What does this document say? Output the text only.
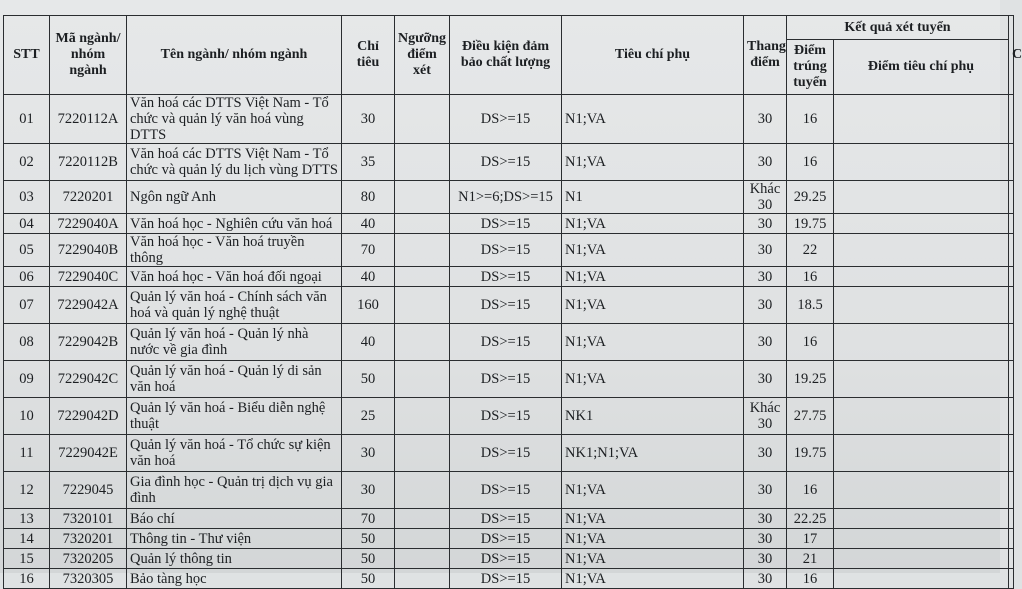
STT	Mã ngành/ nhóm ngành	Tên ngành/ nhóm ngành	Chỉ tiêu	Ngưỡng điểm xét	Điều kiện đảm bảo chất lượng	Tiêu chí phụ	Thang điểm	Kết quả xét tuyển		C
								Điểm trúng tuyển	Điểm tiêu chí phụ	
01	7220112A	Văn hoá các DTTS Việt Nam - Tổ chức và quản lý văn hoá vùng DTTS	30		DS>=15	N1;VA	30	16		
02	7220112B	Văn hoá các DTTS Việt Nam - Tổ chức và quản lý du lịch vùng DTTS	35		DS>=15	N1;VA	30	16		
03	7220201	Ngôn ngữ Anh	80		N1>=6;DS>=15	N1	Khác 30	29.25		
04	7229040A	Văn hoá học - Nghiên cứu văn hoá	40		DS>=15	N1;VA	30	19.75		
05	7229040B	Văn hoá học - Văn hoá truyền thông	70		DS>=15	N1;VA	30	22		
06	7229040C	Văn hoá học - Văn hoá đối ngoại	40		DS>=15	N1;VA	30	16		
07	7229042A	Quản lý văn hoá - Chính sách văn hoá và quản lý nghệ thuật	160		DS>=15	N1;VA	30	18.5		
08	7229042B	Quản lý văn hoá - Quản lý nhà nước về gia đình	40		DS>=15	N1;VA	30	16		
09	7229042C	Quản lý văn hoá - Quản lý di sản văn hoá	50		DS>=15	N1;VA	30	19.25		
10	7229042D	Quản lý văn hoá - Biểu diễn nghệ thuật	25		DS>=15	NK1	Khác 30	27.75		
11	7229042E	Quản lý văn hoá - Tổ chức sự kiện văn hoá	30		DS>=15	NK1;N1;VA	30	19.75		
12	7229045	Gia đình học - Quản trị dịch vụ gia đình	30		DS>=15	N1;VA	30	16		
13	7320101	Báo chí	70		DS>=15	N1;VA	30	22.25		
14	7320201	Thông tin - Thư viện	50		DS>=15	N1;VA	30	17		
15	7320205	Quản lý thông tin	50		DS>=15	N1;VA	30	21		
16	7320305	Bảo tàng học	50		DS>=15	N1;VA	30	16		
